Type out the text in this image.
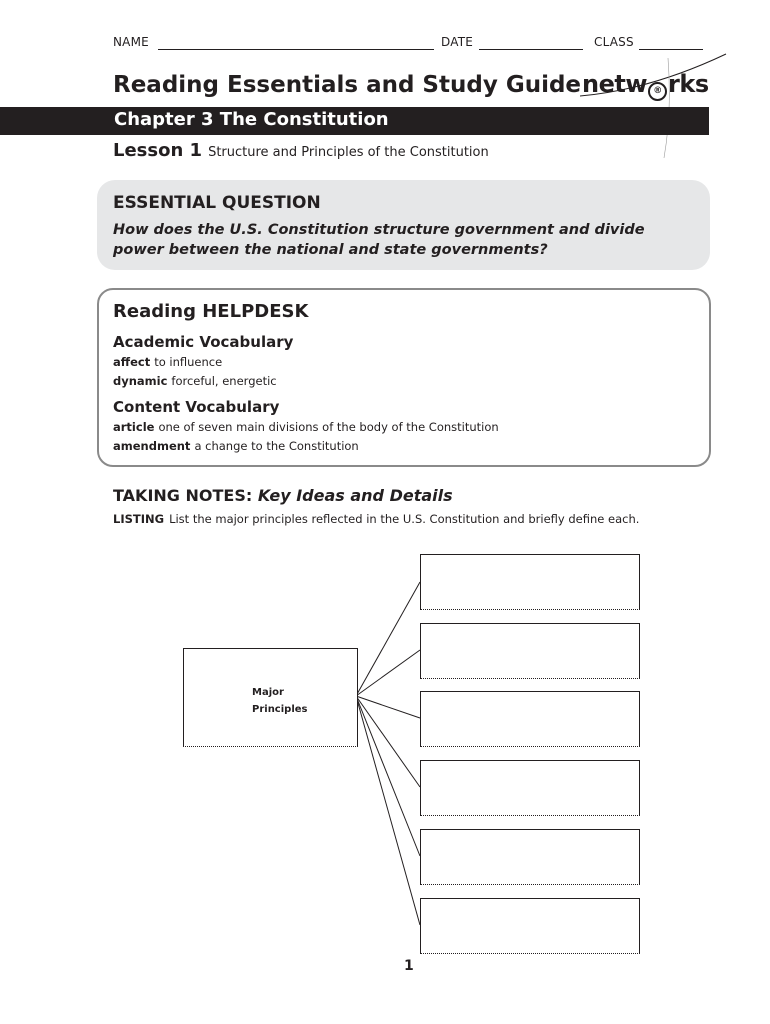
NAME	DATE	CLASS
Reading Essentials and Study Guide netw ® rks
Chapter 3 The Constitution
Lesson 1 Structure and Principles of the Constitution
ESSENTIAL QUESTION
How does the U.S. Constitution structure government and divide power between the national and state governments?
Reading HELPDESK
Academic Vocabulary
affect to influence
dynamic forceful, energetic
Content Vocabulary
article one of seven main divisions of the body of the Constitution
amendment a change to the Constitution
TAKING NOTES: Key Ideas and Details
LISTING List the major principles reflected in the U.S. Constitution and briefly define each.
Major
Principles
1
